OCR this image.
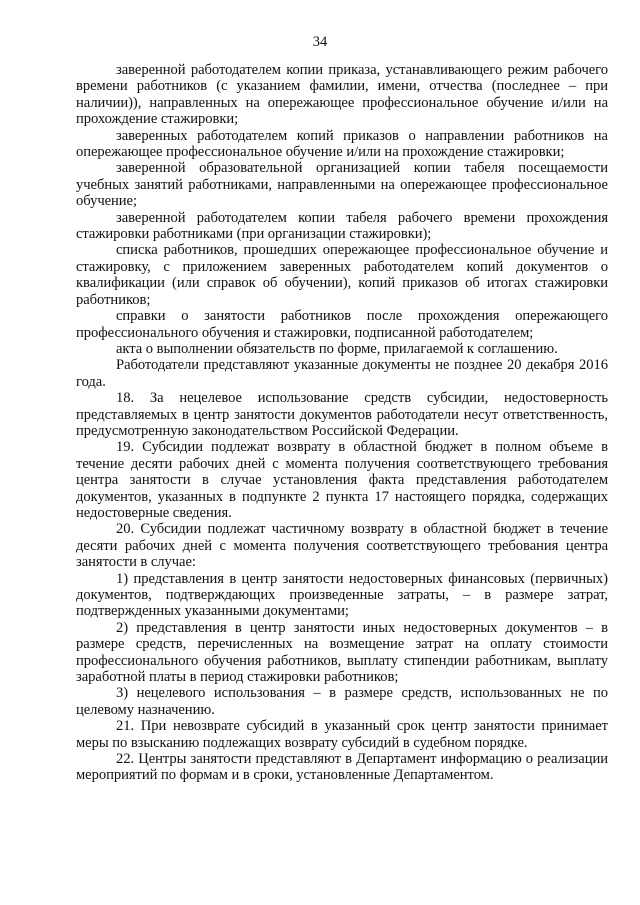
34

заверенной работодателем копии приказа, устанавливающего режим рабочего времени работников (с указанием фамилии, имени, отчества (последнее – при наличии)), направленных на опережающее профессиональное обучение и/или на прохождение стажировки;

заверенных работодателем копий приказов о направлении работников на опережающее профессиональное обучение и/или на прохождение стажировки;

заверенной образовательной организацией копии табеля посещаемости учебных занятий работниками, направленными на опережающее профессиональное обучение;

заверенной работодателем копии табеля рабочего времени прохождения стажировки работниками (при организации стажировки);

списка работников, прошедших опережающее профессиональное обучение и стажировку, с приложением заверенных работодателем копий документов о квалификации (или справок об обучении), копий приказов об итогах стажировки работников;

справки о занятости работников после прохождения опережающего профессионального обучения и стажировки, подписанной работодателем;

акта о выполнении обязательств по форме, прилагаемой к соглашению.

Работодатели представляют указанные документы не позднее 20 декабря 2016 года.

18. За нецелевое использование средств субсидии, недостоверность представляемых в центр занятости документов работодатели несут ответственность, предусмотренную законодательством Российской Федерации.

19. Субсидии подлежат возврату в областной бюджет в полном объеме в течение десяти рабочих дней с момента получения соответствующего требования центра занятости в случае установления факта представления работодателем документов, указанных в подпункте 2 пункта 17 настоящего порядка, содержащих недостоверные сведения.

20. Субсидии подлежат частичному возврату в областной бюджет в течение десяти рабочих дней с момента получения соответствующего требования центра занятости в случае:

1) представления в центр занятости недостоверных финансовых (первичных) документов, подтверждающих произведенные затраты, – в размере затрат, подтвержденных указанными документами;

2) представления в центр занятости иных недостоверных документов – в размере средств, перечисленных на возмещение затрат на оплату стоимости профессионального обучения работников, выплату стипендии работникам, выплату заработной платы в период стажировки работников;

3) нецелевого использования – в размере средств, использованных не по целевому назначению.

21. При невозврате субсидий в указанный срок центр занятости принимает меры по взысканию подлежащих возврату субсидий в судебном порядке.

22. Центры занятости представляют в Департамент информацию о реализации мероприятий по формам и в сроки, установленные Департаментом.
